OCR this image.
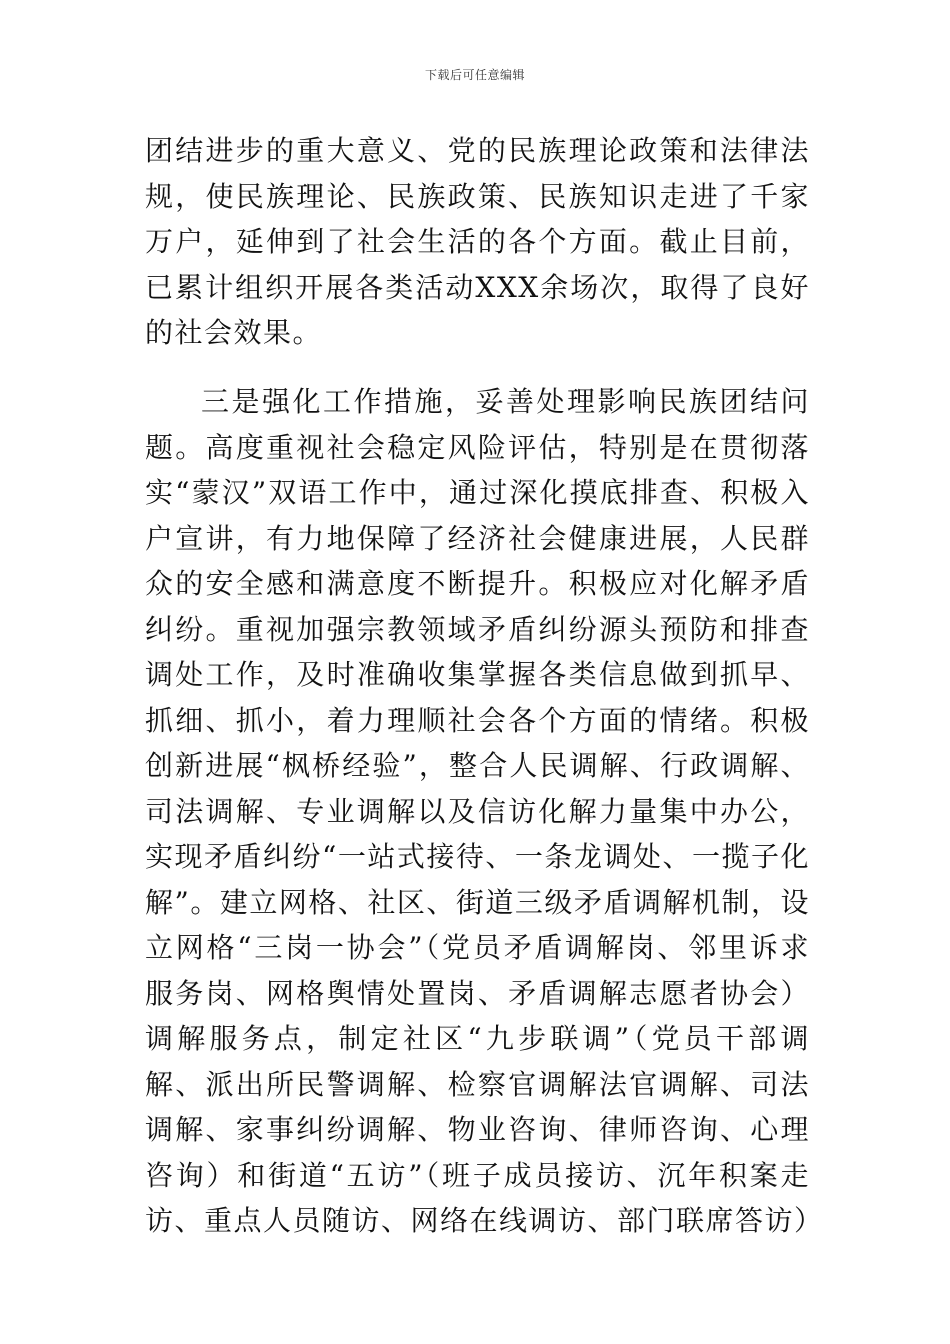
下载后可任意编辑

团结进步的重大意义、党的民族理论政策和法律法规，使民族理论、民族政策、民族知识走进了千家万户，延伸到了社会生活的各个方面。截止目前，已累计组织开展各类活动XXX余场次，取得了良好的社会效果。

三是强化工作措施，妥善处理影响民族团结问题。高度重视社会稳定风险评估，特别是在贯彻落实“蒙汉”双语工作中，通过深化摸底排查、积极入户宣讲，有力地保障了经济社会健康进展，人民群众的安全感和满意度不断提升。积极应对化解矛盾纠纷。重视加强宗教领域矛盾纠纷源头预防和排查调处工作，及时准确收集掌握各类信息做到抓早、抓细、抓小，着力理顺社会各个方面的情绪。积极创新进展“枫桥经验”，整合人民调解、行政调解、司法调解、专业调解以及信访化解力量集中办公，实现矛盾纠纷“一站式接待、一条龙调处、一揽子化解”。建立网格、社区、街道三级矛盾调解机制，设立网格“三岗一协会”（党员矛盾调解岗、邻里诉求服务岗、网格舆情处置岗、矛盾调解志愿者协会）调解服务点，制定社区“九步联调”（党员干部调解、派出所民警调解、检察官调解法官调解、司法调解、家事纠纷调解、物业咨询、律师咨询、心理咨询）和街道“五访”（班子成员接访、沉年积案走访、重点人员随访、网络在线调访、部门联席答访）
